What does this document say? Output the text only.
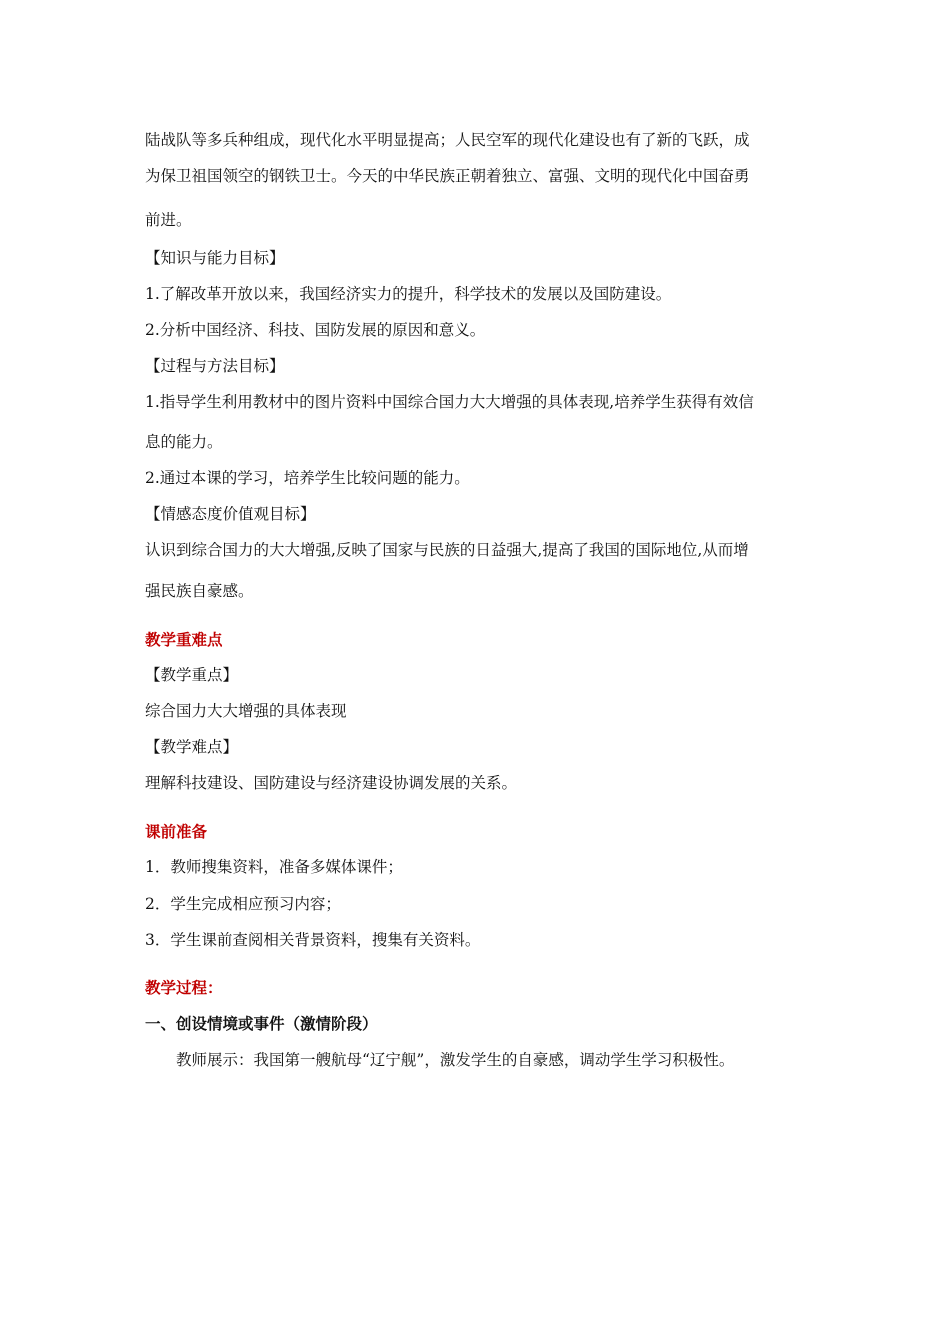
陆战队等多兵种组成，现代化水平明显提高；人民空军的现代化建设也有了新的飞跃，成
为保卫祖国领空的钢铁卫士。今天的中华民族正朝着独立、富强、文明的现代化中国奋勇
前进。
【知识与能力目标】
1.了解改革开放以来，我国经济实力的提升，科学技术的发展以及国防建设。
2.分析中国经济、科技、国防发展的原因和意义。
【过程与方法目标】
1.指导学生利用教材中的图片资料中国综合国力大大增强的具体表现,培养学生获得有效信
息的能力。
2.通过本课的学习，培养学生比较问题的能力。
【情感态度价值观目标】
认识到综合国力的大大增强,反映了国家与民族的日益强大,提高了我国的国际地位,从而增
强民族自豪感。
教学重难点
【教学重点】
综合国力大大增强的具体表现
【教学难点】
理解科技建设、国防建设与经济建设协调发展的关系。
课前准备
1．教师搜集资料，准备多媒体课件；
2．学生完成相应预习内容；
3．学生课前查阅相关背景资料，搜集有关资料。
教学过程：
一、创设情境或事件（激情阶段）
教师展示：我国第一艘航母“辽宁舰”，激发学生的自豪感，调动学生学习积极性。
